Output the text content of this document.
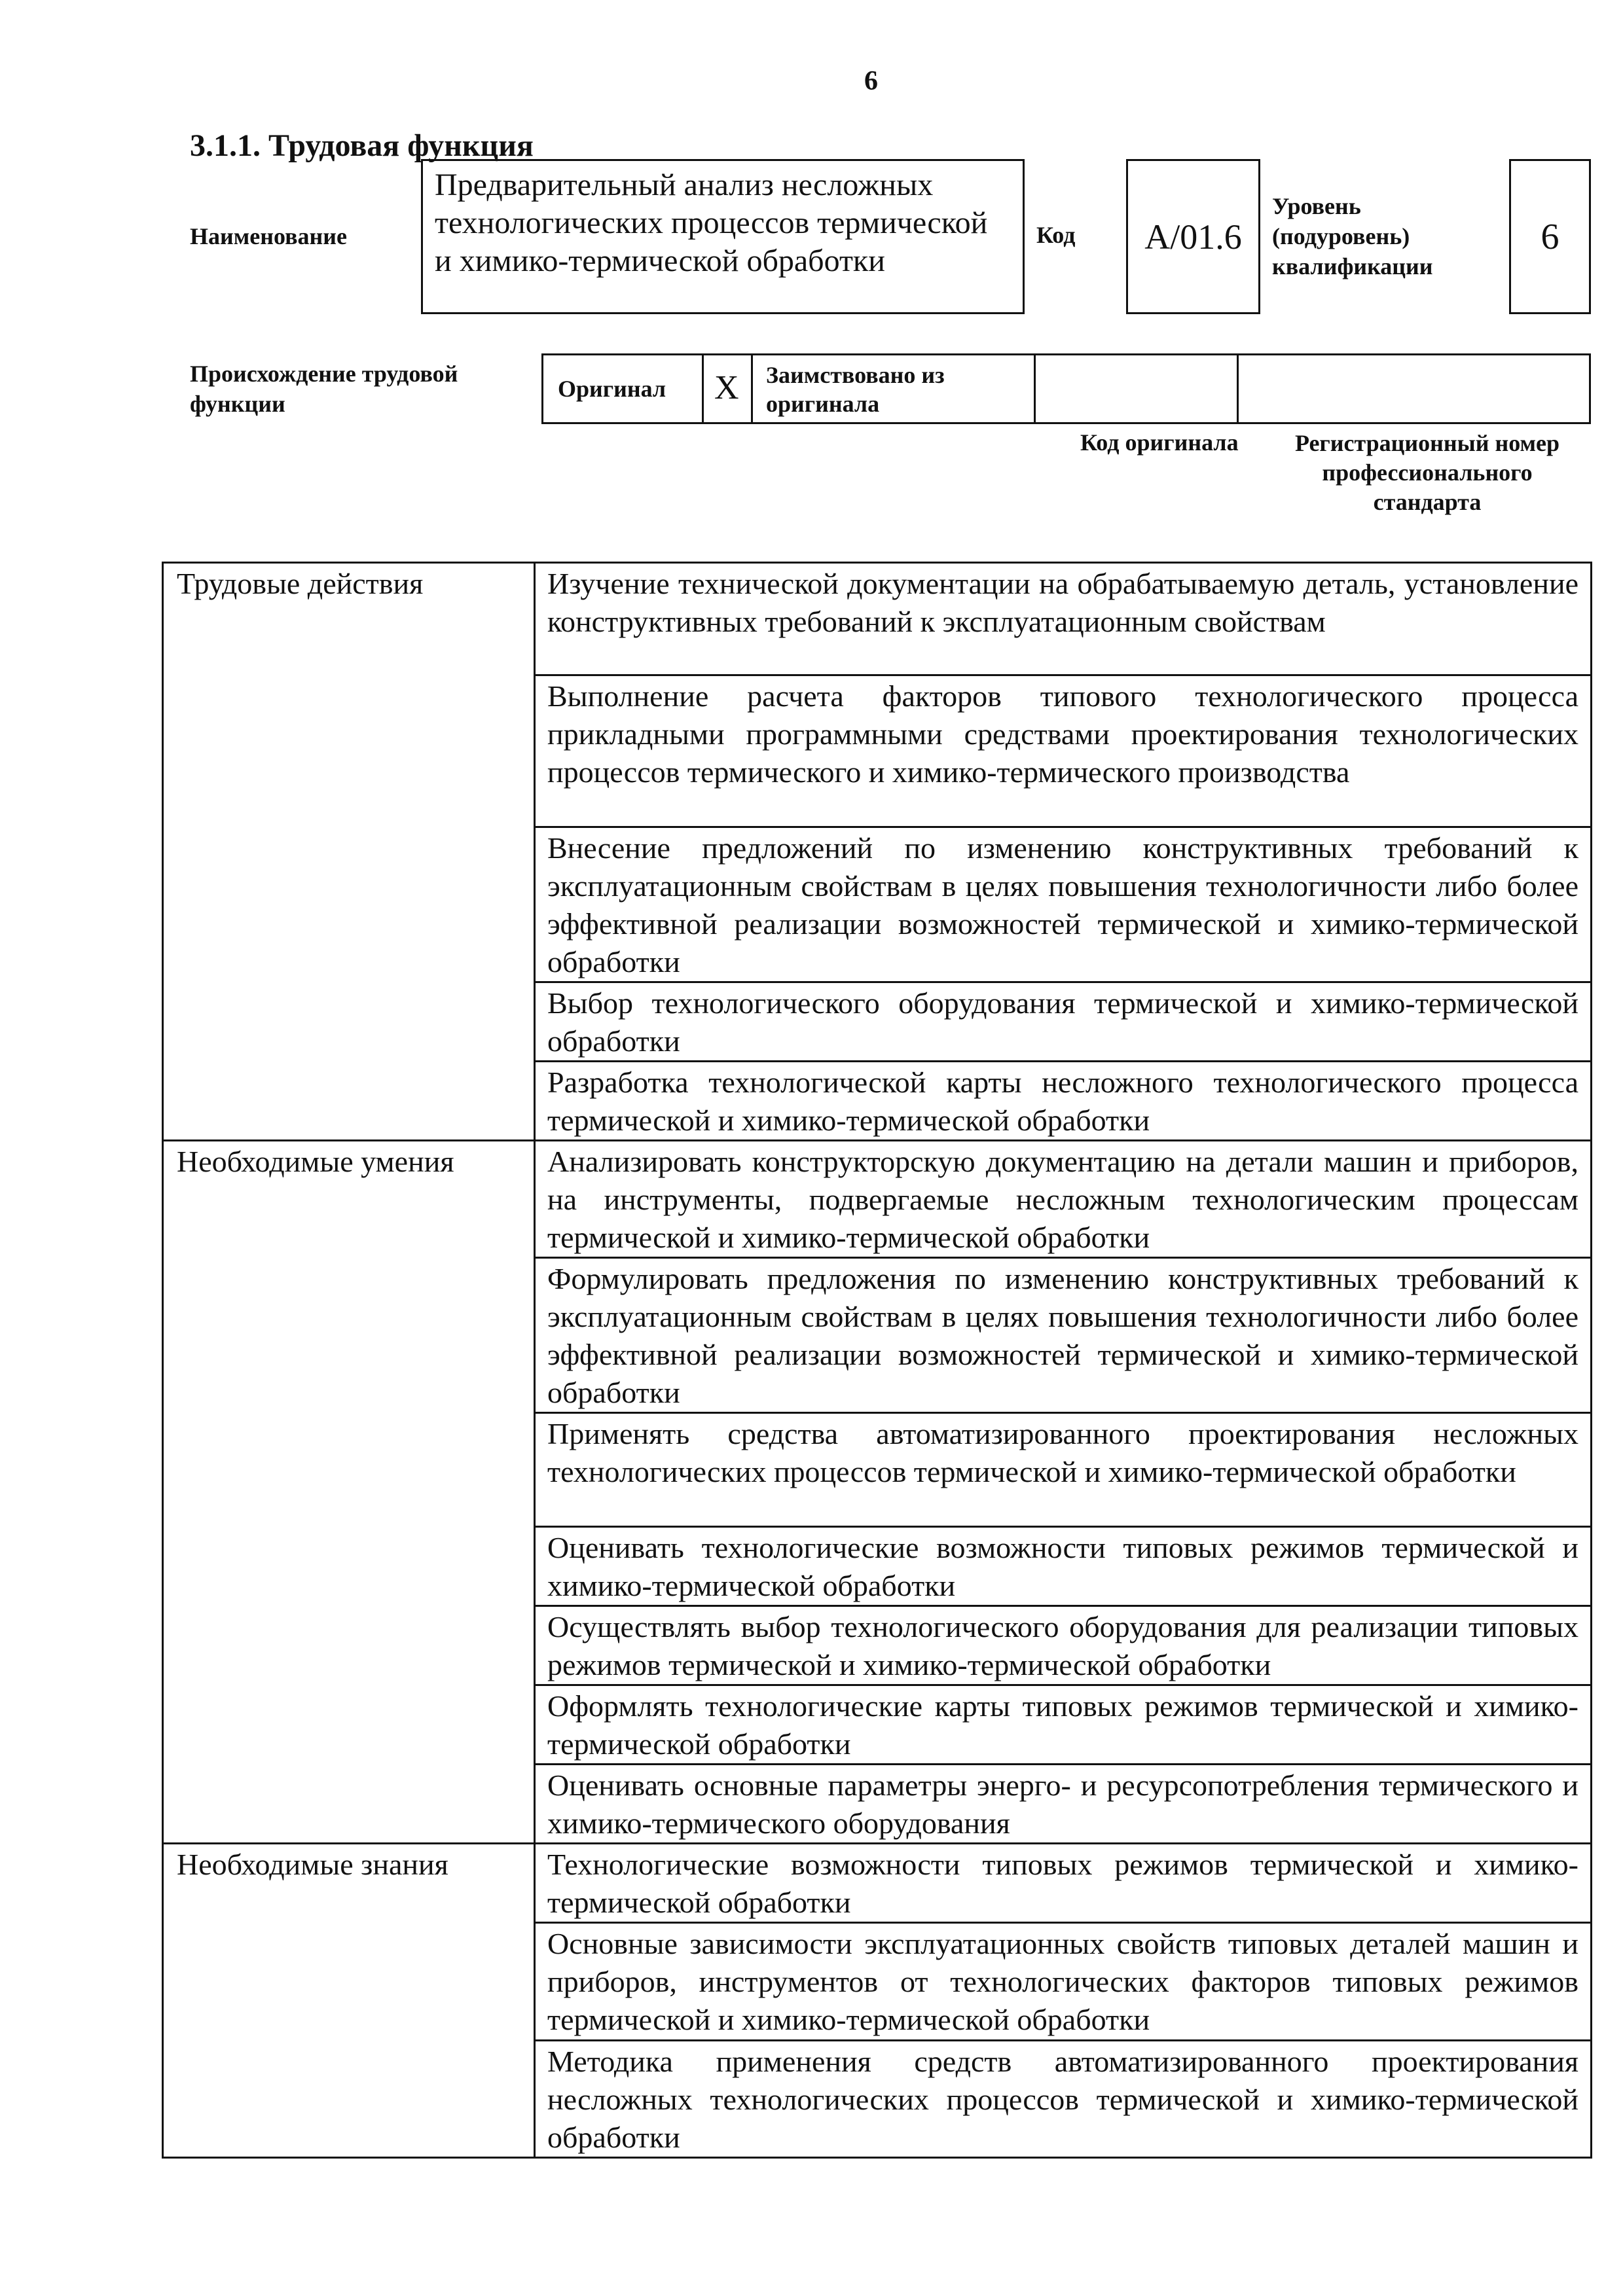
6
3.1.1. Трудовая функция
Наименование
Предварительный анализ несложных технологических процессов термической и химико-термической обработки
Код А/01.6
Уровень
(подуровень)
квалификации
6
Происхождение трудовой функции
Оригинал X Заимствовано из оригинала
Код оригинала	Регистрационный номер профессионального стандарта
Трудовые действия	Изучение технической документации на обрабатываемую деталь, установление конструктивных требований к эксплуатационным свойствам
	Выполнение расчета факторов типового технологического процесса прикладными программными средствами проектирования технологических процессов термического и химико-термического производства
	Внесение предложений по изменению конструктивных требований к эксплуатационным свойствам в целях повышения технологичности либо более эффективной реализации возможностей термической и химико-термической обработки
	Выбор технологического оборудования термической и химико-термической обработки
	Разработка технологической карты несложного технологического процесса термической и химико-термической обработки
Необходимые умения	Анализировать конструкторскую документацию на детали машин и приборов, на инструменты, подвергаемые несложным технологическим процессам термической и химико-термической обработки
	Формулировать предложения по изменению конструктивных требований к эксплуатационным свойствам в целях повышения технологичности либо более эффективной реализации возможностей термической и химико-термической обработки
	Применять средства автоматизированного проектирования несложных технологических процессов термической и химико-термической обработки
	Оценивать технологические возможности типовых режимов термической и химико-термической обработки
	Осуществлять выбор технологического оборудования для реализации типовых режимов термической и химико-термической обработки
	Оформлять технологические карты типовых режимов термической и химико-термической обработки
	Оценивать основные параметры энерго- и ресурсопотребления термического и химико-термического оборудования
Необходимые знания	Технологические возможности типовых режимов термической и химико-термической обработки
	Основные зависимости эксплуатационных свойств типовых деталей машин и приборов, инструментов от технологических факторов типовых режимов термической и химико-термической обработки
	Методика применения средств автоматизированного проектирования несложных технологических процессов термической и химико-термической обработки
